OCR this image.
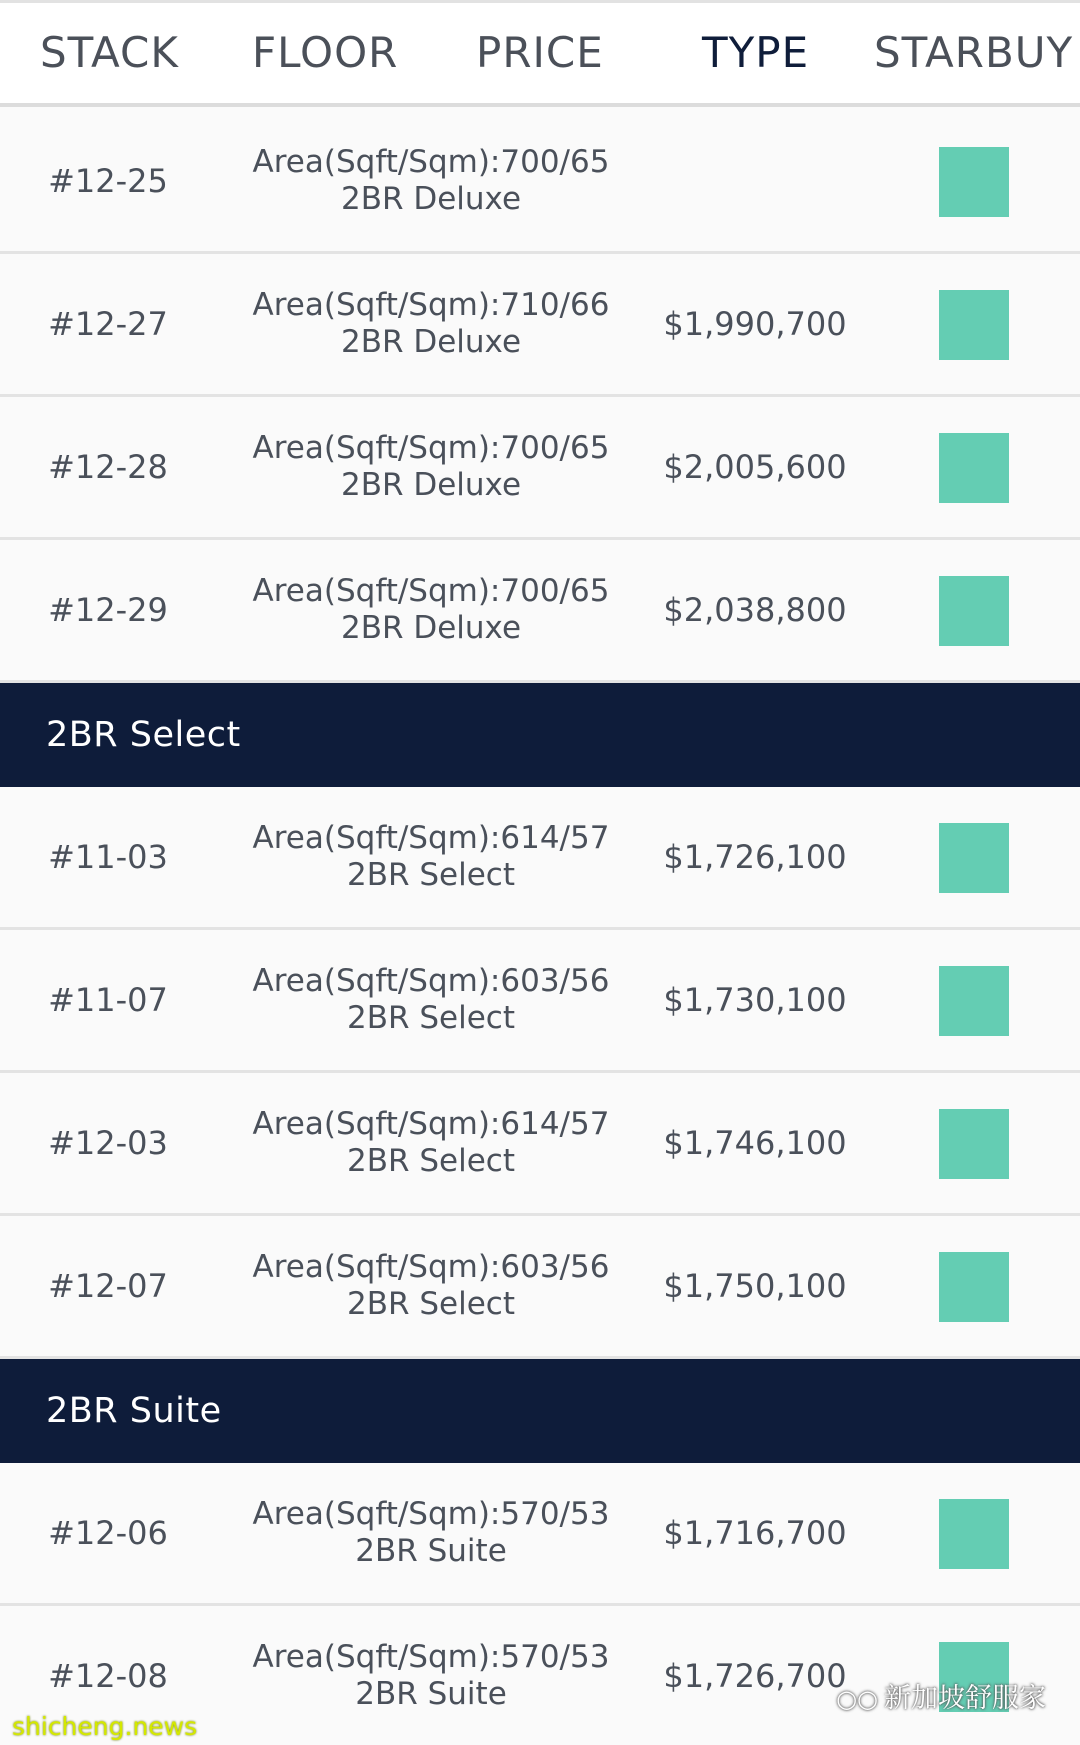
STACK FLOOR PRICE TYPE STARBUY
#12-25	Area(Sqft/Sqm):700/65
2BR Deluxe
#12-27	Area(Sqft/Sqm):710/66
2BR Deluxe	$1,990,700
#12-28	Area(Sqft/Sqm):700/65
2BR Deluxe	$2,005,600
#12-29	Area(Sqft/Sqm):700/65
2BR Deluxe	$2,038,800
2BR Select
#11-03	Area(Sqft/Sqm):614/57
2BR Select	$1,726,100
#11-07	Area(Sqft/Sqm):603/56
2BR Select	$1,730,100
#12-03	Area(Sqft/Sqm):614/57
2BR Select	$1,746,100
#12-07	Area(Sqft/Sqm):603/56
2BR Select	$1,750,100
2BR Suite
#12-06	Area(Sqft/Sqm):570/53
2BR Suite	$1,716,700
#12-08	Area(Sqft/Sqm):570/53
2BR Suite	$1,726,700
○○ 新加坡舒服家
shicheng.news
